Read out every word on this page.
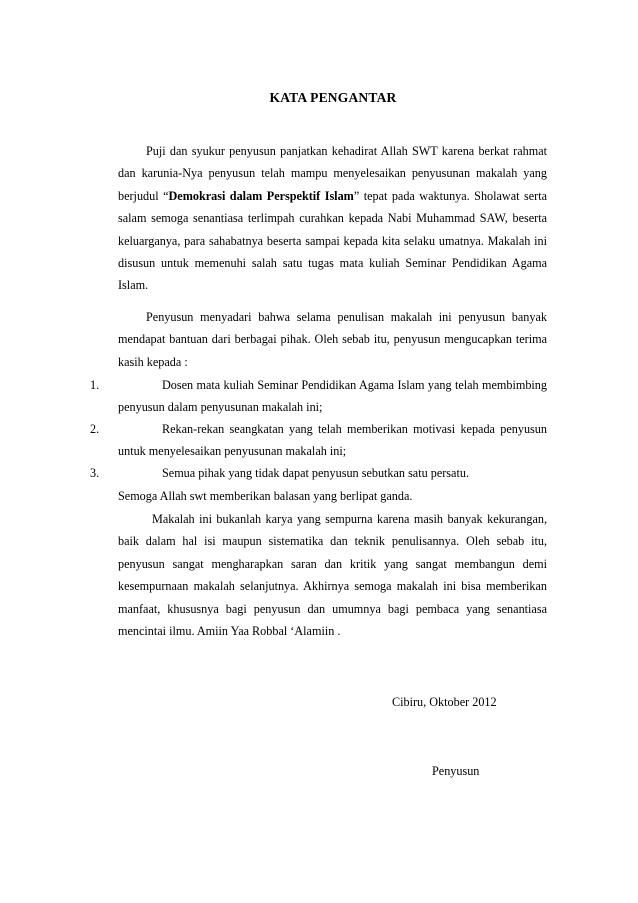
KATA PENGANTAR

Puji dan syukur penyusun panjatkan kehadirat Allah SWT karena berkat rahmat dan karunia-Nya penyusun telah mampu menyelesaikan penyusunan makalah yang berjudul “Demokrasi dalam Perspektif Islam” tepat pada waktunya. Sholawat serta salam semoga senantiasa terlimpah curahkan kepada Nabi Muhammad SAW, beserta keluarganya, para sahabatnya beserta sampai kepada kita selaku umatnya. Makalah ini disusun untuk memenuhi salah satu tugas mata kuliah Seminar Pendidikan Agama Islam.

Penyusun menyadari bahwa selama penulisan makalah ini penyusun banyak mendapat bantuan dari berbagai pihak. Oleh sebab itu, penyusun mengucapkan terima kasih kepada :

1.	Dosen mata kuliah Seminar Pendidikan Agama Islam yang telah membimbing penyusun dalam penyusunan makalah ini;
2.	Rekan-rekan seangkatan yang telah memberikan motivasi kepada penyusun untuk menyelesaikan penyusunan makalah ini;
3.	Semua pihak yang tidak dapat penyusun sebutkan satu persatu.
Semoga Allah swt memberikan balasan yang berlipat ganda.

Makalah ini bukanlah karya yang sempurna karena masih banyak kekurangan, baik dalam hal isi maupun sistematika dan teknik penulisannya. Oleh sebab itu, penyusun sangat mengharapkan saran dan kritik yang sangat membangun demi kesempurnaan makalah selanjutnya. Akhirnya semoga makalah ini bisa memberikan manfaat, khususnya bagi penyusun dan umumnya bagi pembaca yang senantiasa mencintai ilmu. Amiin Yaa Robbal ‘Alamiin .

Cibiru, Oktober 2012
Penyusun
